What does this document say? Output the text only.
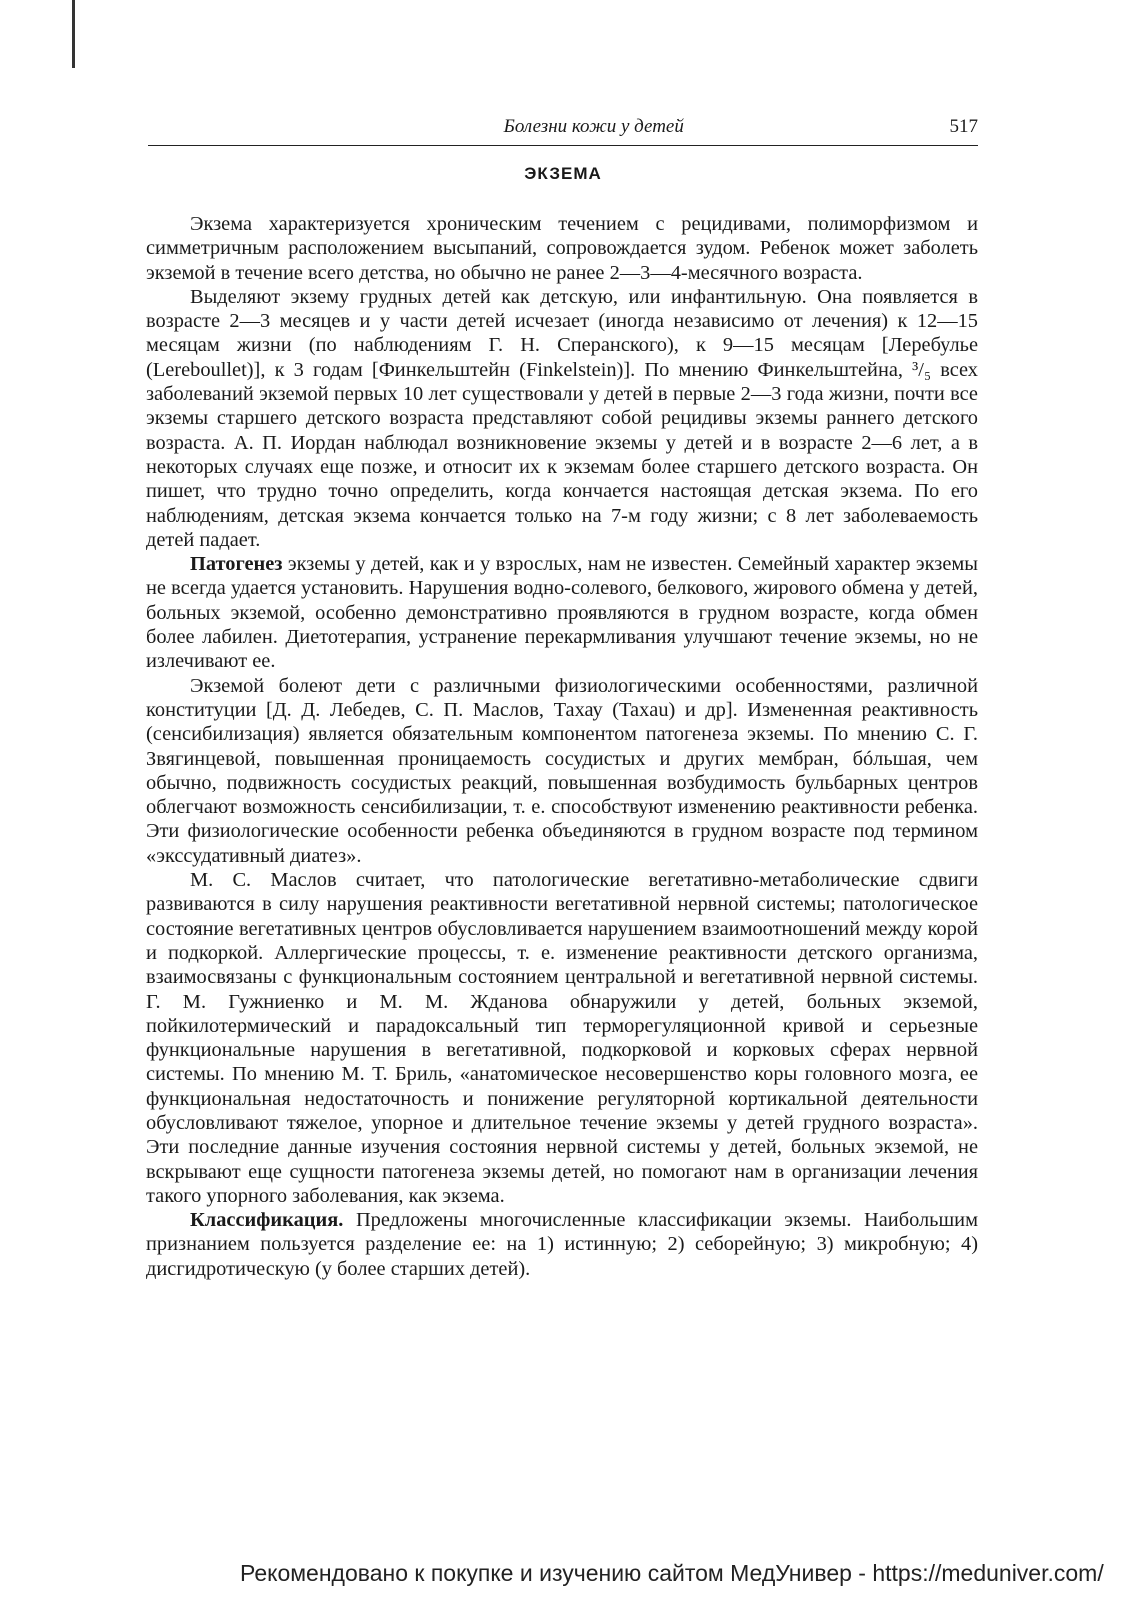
Болезни кожи у детей	517
ЭКЗЕМА

Экзема характеризуется хроническим течением с рецидивами, полиморфизмом и симметричным расположением высыпаний, сопровождается зудом. Ребенок может заболеть экземой в течение всего детства, но обычно не ранее 2—3—4-месячного возраста.

Выделяют экзему грудных детей как детскую, или инфантильную. Она появляется в возрасте 2—3 месяцев и у части детей исчезает (иногда независимо от лечения) к 12—15 месяцам жизни (по наблюдениям Г. Н. Сперанского), к 9—15 месяцам [Леребулье (Lereboullet)], к 3 годам [Финкельштейн (Finkelstein)]. По мнению Финкельштейна, ³/₅ всех заболеваний экземой первых 10 лет существовали у детей в первые 2—3 года жизни, почти все экземы старшего детского возраста представляют собой рецидивы экземы раннего детского возраста. А. П. Иордан наблюдал возникновение экземы у детей и в возрасте 2—6 лет, а в некоторых случаях еще позже, и относит их к экземам более старшего детского возраста. Он пишет, что трудно точно определить, когда кончается настоящая детская экзема. По его наблюдениям, детская экзема кончается только на 7-м году жизни; с 8 лет заболеваемость детей падает.

Патогенез экземы у детей, как и у взрослых, нам не известен. Семейный характер экземы не всегда удается установить. Нарушения водно-солевого, белкового, жирового обмена у детей, больных экземой, особенно демонстративно проявляются в грудном возрасте, когда обмен более лабилен. Диетотерапия, устранение перекармливания улучшают течение экземы, но не излечивают ее.

Экземой болеют дети с различными физиологическими особенностями, различной конституции [Д. Д. Лебедев, С. П. Маслов, Тахау (Taxau) и др]. Измененная реактивность (сенсибилизация) является обязательным компонентом патогенеза экземы. По мнению С. Г. Звягинцевой, повышенная проницаемость сосудистых и других мембран, бóльшая, чем обычно, подвижность сосудистых реакций, повышенная возбудимость бульбарных центров облегчают возможность сенсибилизации, т. е. способствуют изменению реактивности ребенка. Эти физиологические особенности ребенка объединяются в грудном возрасте под термином «экссудативный диатез».

М. С. Маслов считает, что патологические вегетативно-метаболические сдвиги развиваются в силу нарушения реактивности вегетативной нервной системы; патологическое состояние вегетативных центров обусловливается нарушением взаимоотношений между корой и подкоркой. Аллергические процессы, т. е. изменение реактивности детского организма, взаимосвязаны с функциональным состоянием центральной и вегетативной нервной системы. Г. М. Гужниенко и М. М. Жданова обнаружили у детей, больных экземой, пойкилотермический и парадоксальный тип терморегуляционной кривой и серьезные функциональные нарушения в вегетативной, подкорковой и корковых сферах нервной системы. По мнению М. Т. Бриль, «анатомическое несовершенство коры головного мозга, ее функциональная недостаточность и понижение регуляторной кортикальной деятельности обусловливают тяжелое, упорное и длительное течение экземы у детей грудного возраста». Эти последние данные изучения состояния нервной системы у детей, больных экземой, не вскрывают еще сущности патогенеза экземы детей, но помогают нам в организации лечения такого упорного заболевания, как экзема.

Классификация. Предложены многочисленные классификации экземы. Наибольшим признанием пользуется разделение ее: на 1) истинную; 2) себорейную; 3) микробную; 4) дисгидротическую (у более старших детей).

Рекомендовано к покупке и изучению сайтом МедУнивер - https://meduniver.com/
